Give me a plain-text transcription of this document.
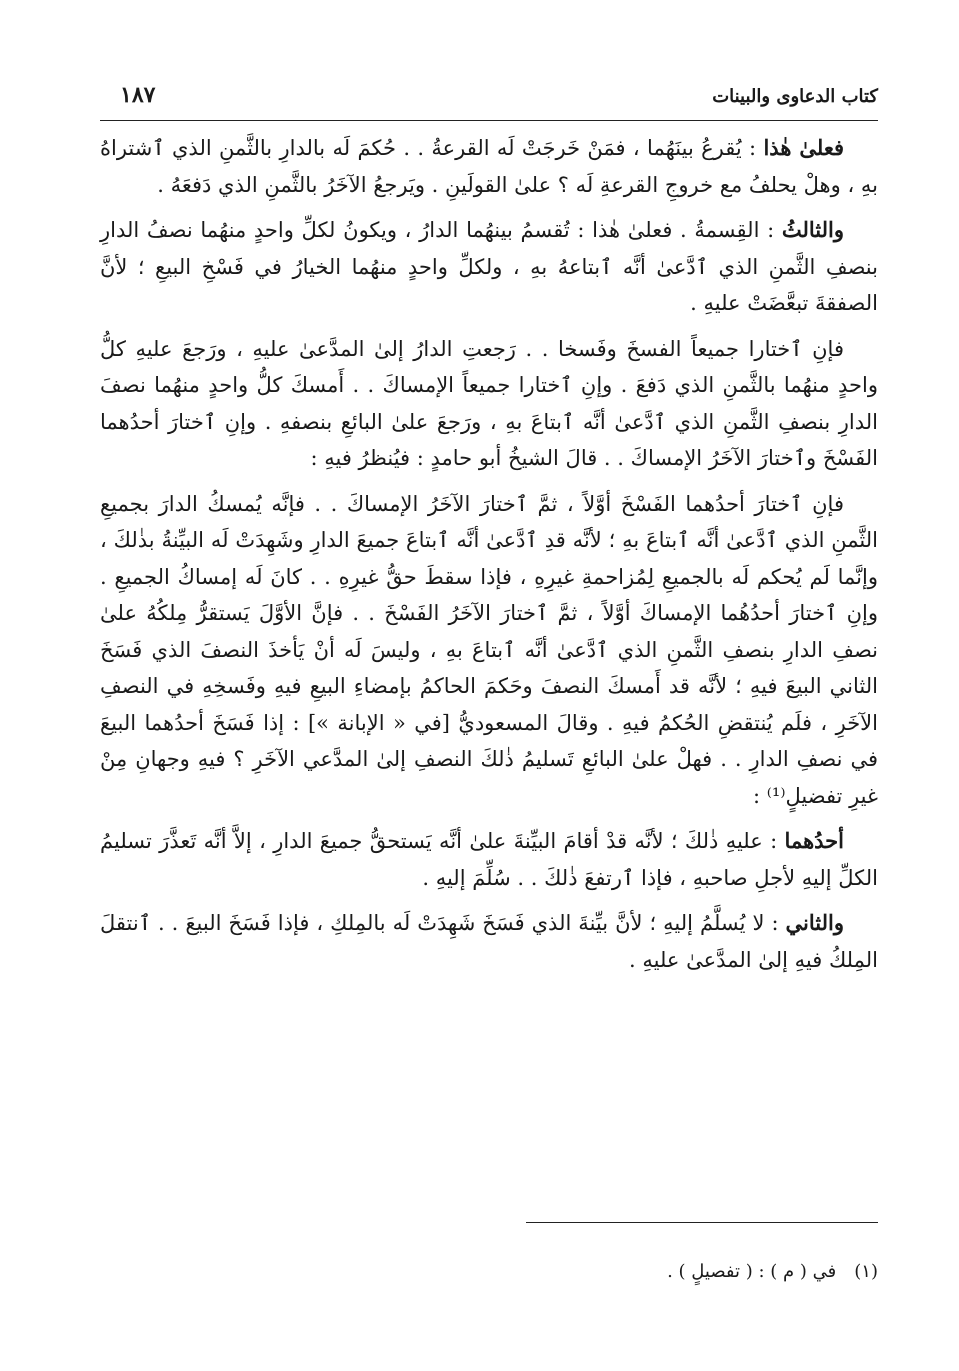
كتاب الدعاوى والبينات
١٨٧

فعلىٰ هٰذا : يُقرعُ بينَهُما ، فمَنْ خَرجَتْ لَه القرعةُ . . حُكمَ لَه بالدارِ بالثَّمنِ الذي ٱشتراهُ بهِ ، وهلْ يحلفُ مع خروجِ القرعةِ لَه ؟ علىٰ القولَينِ . ويَرجعُ الآخَرُ بالثَّمنِ الذي دَفعَهُ .

والثالثُ : القِسمةُ . فعلىٰ هٰذا : تُقسمُ بينهُما الدارُ ، ويكونُ لكلِّ واحدٍ منهُما نصفُ الدارِ بنصفِ الثَّمنِ الذي ٱدَّعىٰ أنَّه ٱبتاعهُ بهِ ، ولكلِّ واحدٍ منهُما الخيارُ في فَسْخِ البيعِ ؛ لأنَّ الصفقةَ تبعَّضَتْ عليهِ .

فإنِ ٱختارا جميعاً الفسخَ وفَسخا . . رَجعتِ الدارُ إلىٰ المدَّعىٰ عليهِ ، ورَجعَ عليهِ كلُّ واحدٍ منهُما بالثَّمنِ الذي دَفعَ . وإنِ ٱختارا جميعاً الإمساكَ . . أَمسكَ كلُّ واحدٍ منهُما نصفَ الدارِ بنصفِ الثَّمنِ الذي ٱدَّعىٰ أنَّه ٱبتاعَ بهِ ، ورَجعَ علىٰ البائعِ بنصفهِ . وإنِ ٱختارَ أحدُهما الفَسْخَ وٱختارَ الآخَرُ الإمساكَ . . قالَ الشيخُ أبو حامدٍ : فيُنظرُ فيهِ :

فإنِ ٱختارَ أحدُهما الفَسْخَ أوَّلاً ، ثمَّ ٱختارَ الآخَرُ الإمساكَ . . فإنَّه يُمسكُ الدارَ بجميعِ الثَّمنِ الذي ٱدَّعىٰ أنَّه ٱبتاعَ بهِ ؛ لأنَّه قدِ ٱدَّعىٰ أنَّه ٱبتاعَ جميعَ الدارِ وشَهِدَتْ لَه البيِّنةُ بذٰلكَ ، وإنَّما لَم يُحكم لَه بالجميعِ لِمُزاحمةِ غيرِهِ ، فإذا سقطَ حقُّ غيرِهِ . . كانَ لَه إمساكُ الجميعِ . وإنِ ٱختارَ أحدُهُما الإمساكَ أوَّلاً ، ثمَّ ٱختارَ الآخَرُ الفَسْخَ . . فإنَّ الأوَّلَ يَستقرُّ مِلكُهُ علىٰ نصفِ الدارِ بنصفِ الثَّمنِ الذي ٱدَّعىٰ أنَّه ٱبتاعَ بهِ ، وليسَ لَه أنْ يَأخذَ النصفَ الذي فَسَخَ الثاني البيعَ فيهِ ؛ لأنَّه قد أَمسكَ النصفَ وحَكمَ الحاكمُ بإمضاءِ البيعِ فيهِ وفَسخِهِ في النصفِ الآخَرِ ، فلَم يُنتقضِ الحُكمُ فيهِ . وقالَ المسعوديُّ [في « الإبانة »] : إذا فَسَخَ أحدُهما البيعَ في نصفِ الدارِ . . فهلْ علىٰ البائعِ تَسليمُ ذٰلكَ النصفِ إلىٰ المدَّعي الآخَرِ ؟ فيهِ وجهانِ مِنْ غيرِ تفضيلٍ⁽¹⁾ :

أحدُهما : عليهِ ذٰلكَ ؛ لأنَّه قدْ أقامَ البيِّنةَ علىٰ أنَّه يَستحقُّ جميعَ الدارِ ، إلاَّ أنَّه تَعذَّرَ تسليمُ الكلِّ إليهِ لأجلِ صاحبهِ ، فإذا ٱرتفعَ ذٰلكَ . . سُلِّمَ إليهِ .

والثاني : لا يُسلَّمُ إليهِ ؛ لأنَّ بيِّنةَ الذي فَسَخَ شَهِدَتْ لَه بالمِلكِ ، فإذا فَسَخَ البيعَ . . ٱنتقلَ المِلكُ فيهِ إلىٰ المدَّعىٰ عليهِ .

(١)في ( م ) : ( تفصيلٍ ) .
